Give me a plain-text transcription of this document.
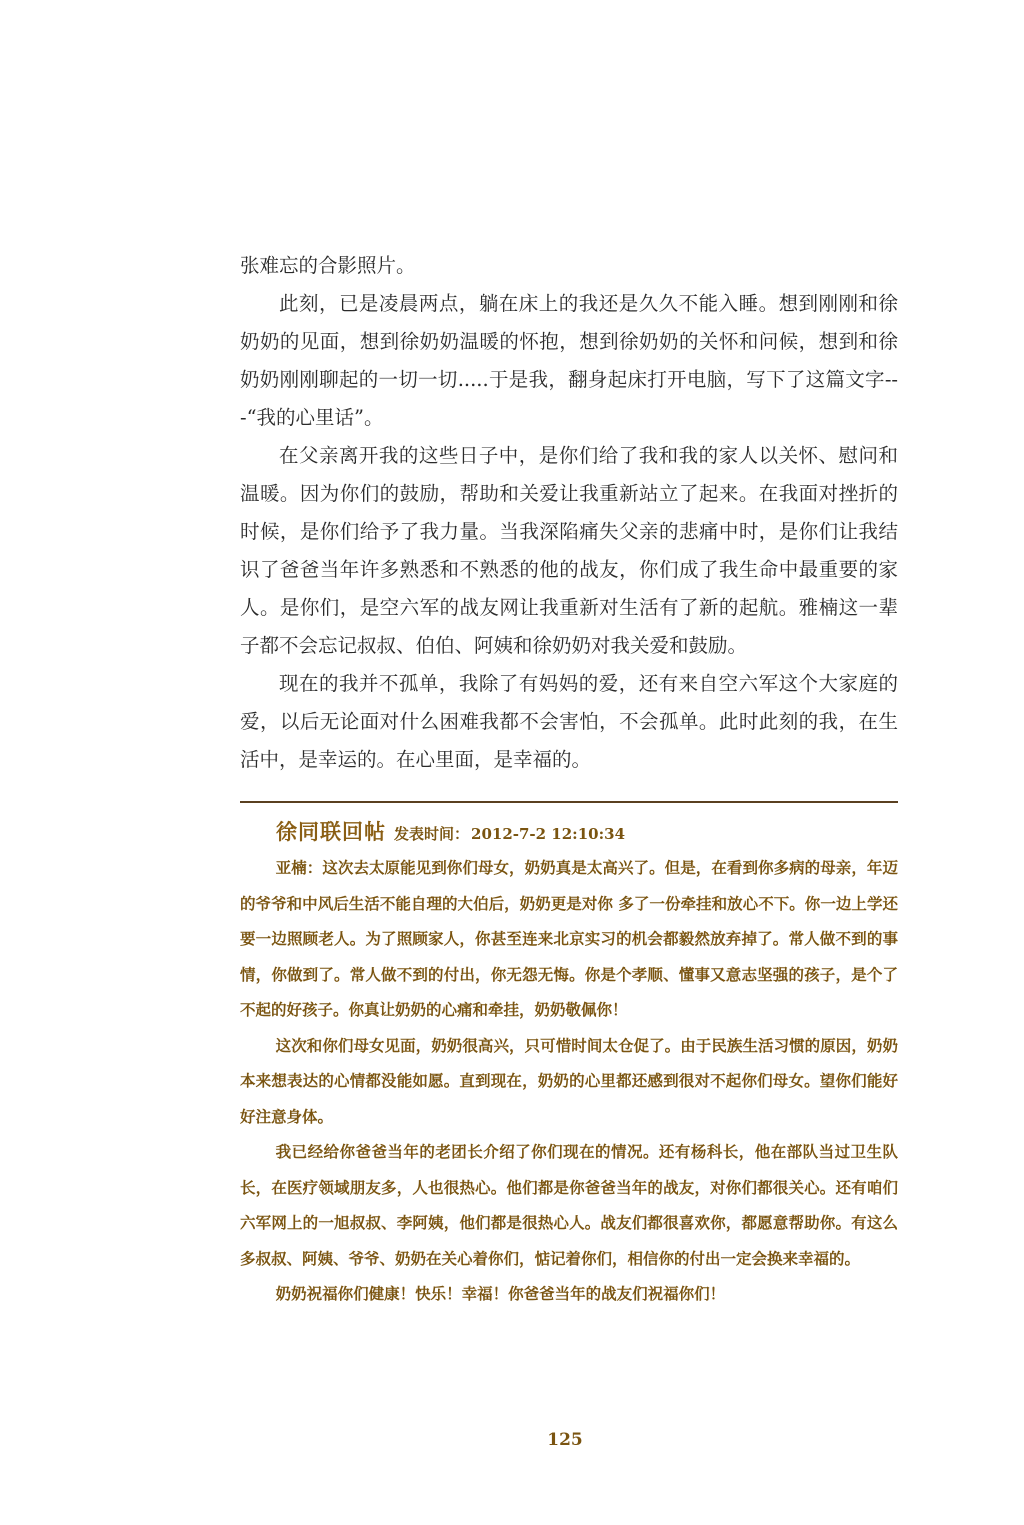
张难忘的合影照片。

此刻，已是凌晨两点，躺在床上的我还是久久不能入睡。想到刚刚和徐奶奶的见面，想到徐奶奶温暖的怀抱，想到徐奶奶的关怀和问候，想到和徐奶奶刚刚聊起的一切一切.....于是我，翻身起床打开电脑，写下了这篇文字---“我的心里话”。

在父亲离开我的这些日子中，是你们给了我和我的家人以关怀、慰问和温暖。因为你们的鼓励，帮助和关爱让我重新站立了起来。在我面对挫折的时候，是你们给予了我力量。当我深陷痛失父亲的悲痛中时，是你们让我结识了爸爸当年许多熟悉和不熟悉的他的战友，你们成了我生命中最重要的家人。是你们，是空六军的战友网让我重新对生活有了新的起航。雅楠这一辈子都不会忘记叔叔、伯伯、阿姨和徐奶奶对我关爱和鼓励。

现在的我并不孤单，我除了有妈妈的爱，还有来自空六军这个大家庭的爱，以后无论面对什么困难我都不会害怕，不会孤单。此时此刻的我，在生活中，是幸运的。在心里面，是幸福的。

徐同联回帖 发表时间： 2012-7-2 12:10:34

亚楠：这次去太原能见到你们母女，奶奶真是太高兴了。但是，在看到你多病的母亲，年迈的爷爷和中风后生活不能自理的大伯后，奶奶更是对你 多了一份牵挂和放心不下。你一边上学还要一边照顾老人。为了照顾家人，你甚至连来北京实习的机会都毅然放弃掉了。常人做不到的事情，你做到了。常人做不到的付出，你无怨无悔。你是个孝顺、懂事又意志坚强的孩子，是个了不起的好孩子。你真让奶奶的心痛和牵挂，奶奶敬佩你！

这次和你们母女见面，奶奶很高兴，只可惜时间太仓促了。由于民族生活习惯的原因，奶奶本来想表达的心情都没能如愿。直到现在，奶奶的心里都还感到很对不起你们母女。望你们能好好注意身体。

我已经给你爸爸当年的老团长介绍了你们现在的情况。还有杨科长，他在部队当过卫生队长，在医疗领域朋友多，人也很热心。他们都是你爸爸当年的战友，对你们都很关心。还有咱们六军网上的一旭叔叔、李阿姨，他们都是很热心人。战友们都很喜欢你，都愿意帮助你。有这么多叔叔、阿姨、爷爷、奶奶在关心着你们，惦记着你们，相信你的付出一定会换来幸福的。

奶奶祝福你们健康！快乐！幸福！你爸爸当年的战友们祝福你们！

125
